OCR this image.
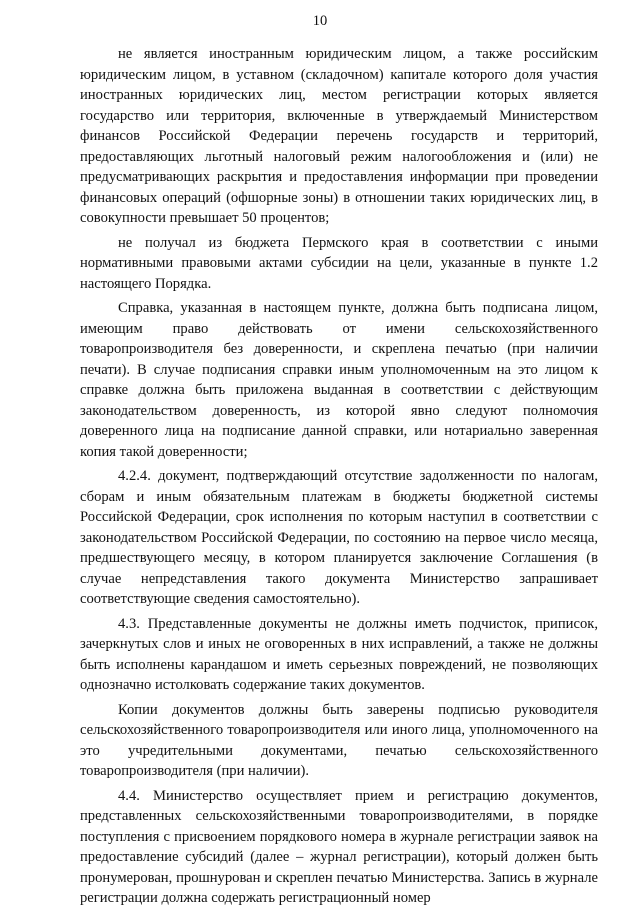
10

не является иностранным юридическим лицом, а также российским юридическим лицом, в уставном (складочном) капитале которого доля участия иностранных юридических лиц, местом регистрации которых является государство или территория, включенные в утверждаемый Министерством финансов Российской Федерации перечень государств и территорий, предоставляющих льготный налоговый режим налогообложения и (или) не предусматривающих раскрытия и предоставления информации при проведении финансовых операций (офшорные зоны) в отношении таких юридических лиц, в совокупности превышает 50 процентов;

не получал из бюджета Пермского края в соответствии с иными нормативными правовыми актами субсидии на цели, указанные в пункте 1.2 настоящего Порядка.

Справка, указанная в настоящем пункте, должна быть подписана лицом, имеющим право действовать от имени сельскохозяйственного товаропроизводителя без доверенности, и скреплена печатью (при наличии печати). В случае подписания справки иным уполномоченным на это лицом к справке должна быть приложена выданная в соответствии с действующим законодательством доверенность, из которой явно следуют полномочия доверенного лица на подписание данной справки, или нотариально заверенная копия такой доверенности;

4.2.4. документ, подтверждающий отсутствие задолженности по налогам, сборам и иным обязательным платежам в бюджеты бюджетной системы Российской Федерации, срок исполнения по которым наступил в соответствии с законодательством Российской Федерации, по состоянию на первое число месяца, предшествующего месяцу, в котором планируется заключение Соглашения (в случае непредставления такого документа Министерство запрашивает соответствующие сведения самостоятельно).

4.3. Представленные документы не должны иметь подчисток, приписок, зачеркнутых слов и иных не оговоренных в них исправлений, а также не должны быть исполнены карандашом и иметь серьезных повреждений, не позволяющих однозначно истолковать содержание таких документов.

Копии документов должны быть заверены подписью руководителя сельскохозяйственного товаропроизводителя или иного лица, уполномоченного на это учредительными документами, печатью сельскохозяйственного товаропроизводителя (при наличии).

4.4. Министерство осуществляет прием и регистрацию документов, представленных сельскохозяйственными товаропроизводителями, в порядке поступления с присвоением порядкового номера в журнале регистрации заявок на предоставление субсидий (далее – журнал регистрации), который должен быть пронумерован, прошнурован и скреплен печатью Министерства. Запись в журнале регистрации должна содержать регистрационный номер
